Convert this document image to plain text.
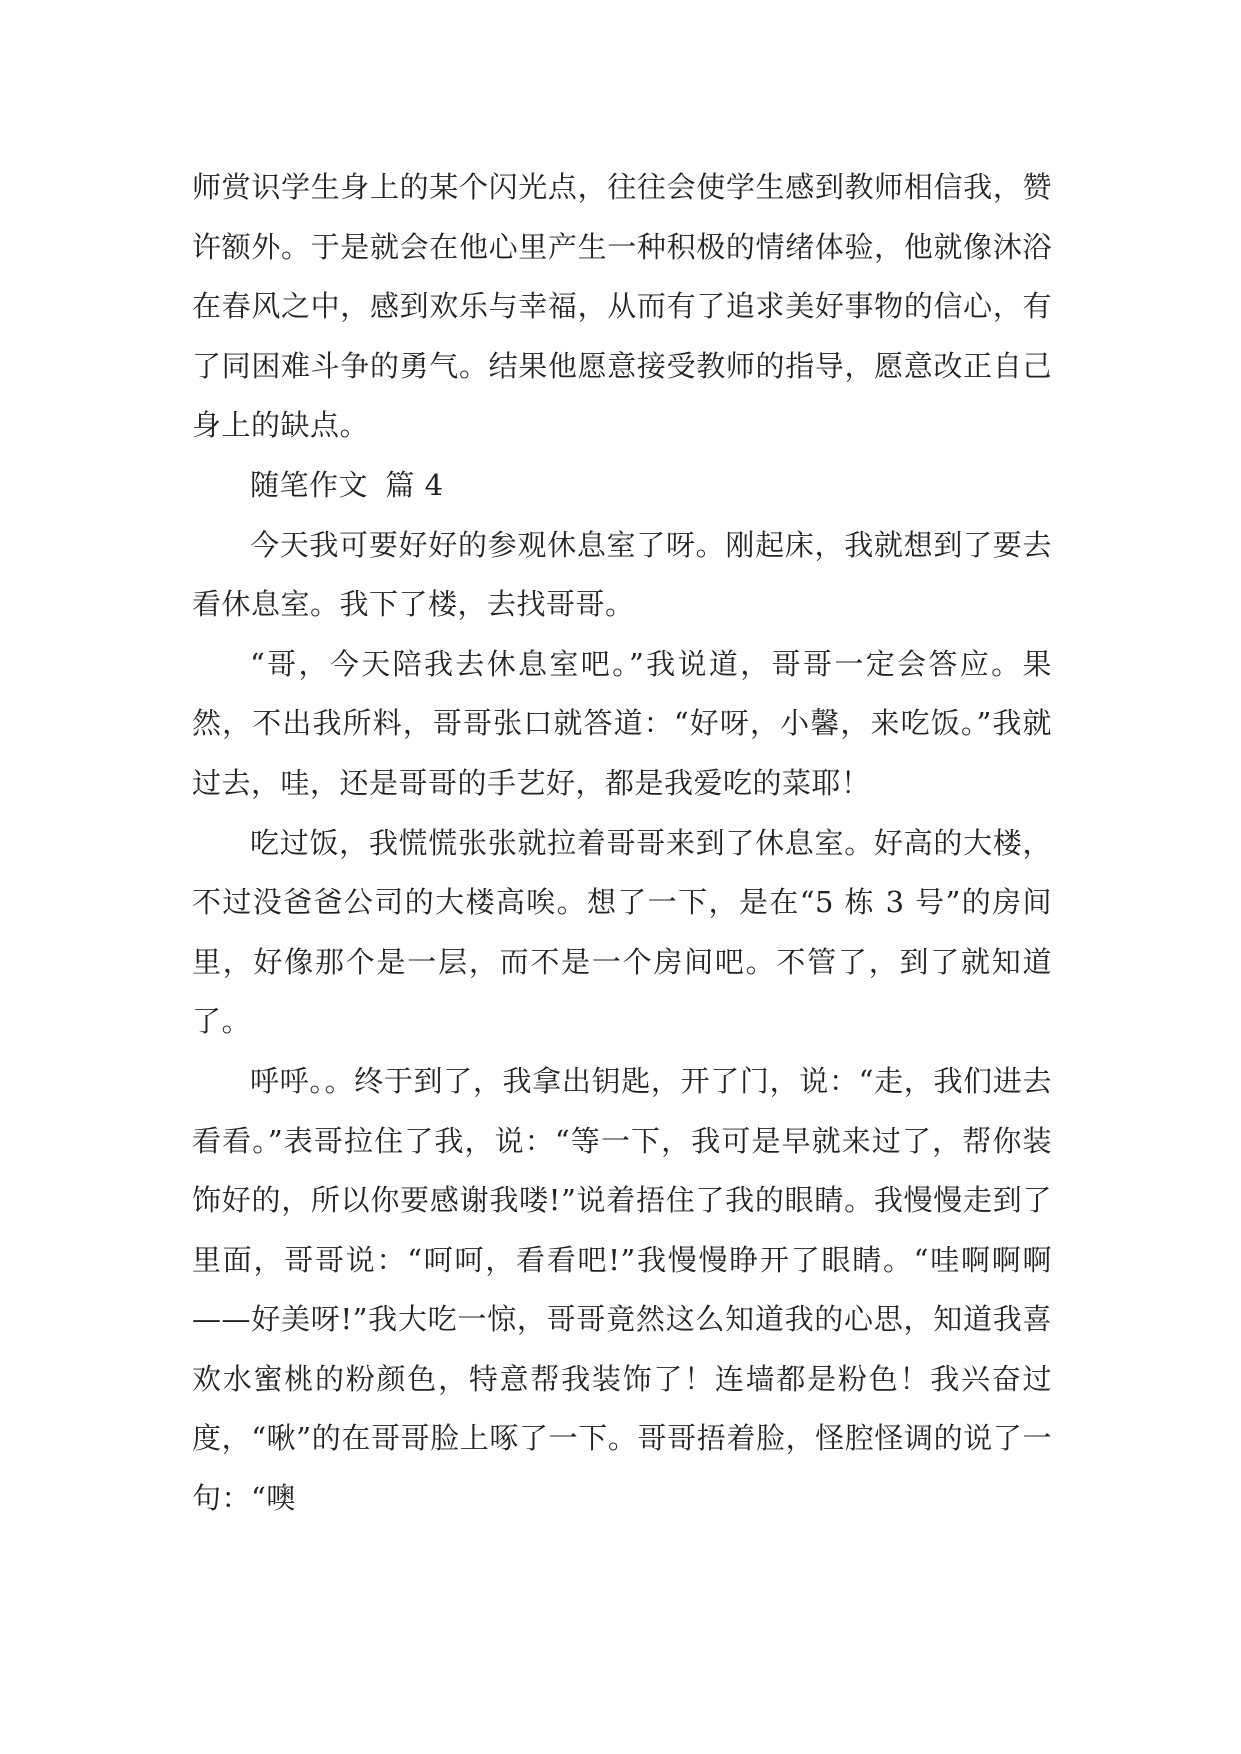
师赏识学生身上的某个闪光点，往往会使学生感到教师相信我，赞许额外。于是就会在他心里产生一种积极的情绪体验，他就像沐浴在春风之中，感到欢乐与幸福，从而有了追求美好事物的信心，有了同困难斗争的勇气。结果他愿意接受教师的指导，愿意改正自己身上的缺点。

随笔作文 篇 4

今天我可要好好的参观休息室了呀。刚起床，我就想到了要去看休息室。我下了楼，去找哥哥。

“哥，今天陪我去休息室吧。”我说道，哥哥一定会答应。果然，不出我所料，哥哥张口就答道：“好呀，小馨，来吃饭。”我就过去，哇，还是哥哥的手艺好，都是我爱吃的菜耶！

吃过饭，我慌慌张张就拉着哥哥来到了休息室。好高的大楼，不过没爸爸公司的大楼高唉。想了一下，是在“5 栋 3 号”的房间里，好像那个是一层，而不是一个房间吧。不管了，到了就知道了。

呼呼。。终于到了，我拿出钥匙，开了门，说：“走，我们进去看看。”表哥拉住了我，说：“等一下，我可是早就来过了，帮你装饰好的，所以你要感谢我喽!”说着捂住了我的眼睛。我慢慢走到了里面，哥哥说：“呵呵，看看吧!”我慢慢睁开了眼睛。“哇啊啊啊——好美呀!”我大吃一惊，哥哥竟然这么知道我的心思，知道我喜欢水蜜桃的粉颜色，特意帮我装饰了！连墙都是粉色！我兴奋过度，“啾”的在哥哥脸上啄了一下。哥哥捂着脸，怪腔怪调的说了一句：“噢
